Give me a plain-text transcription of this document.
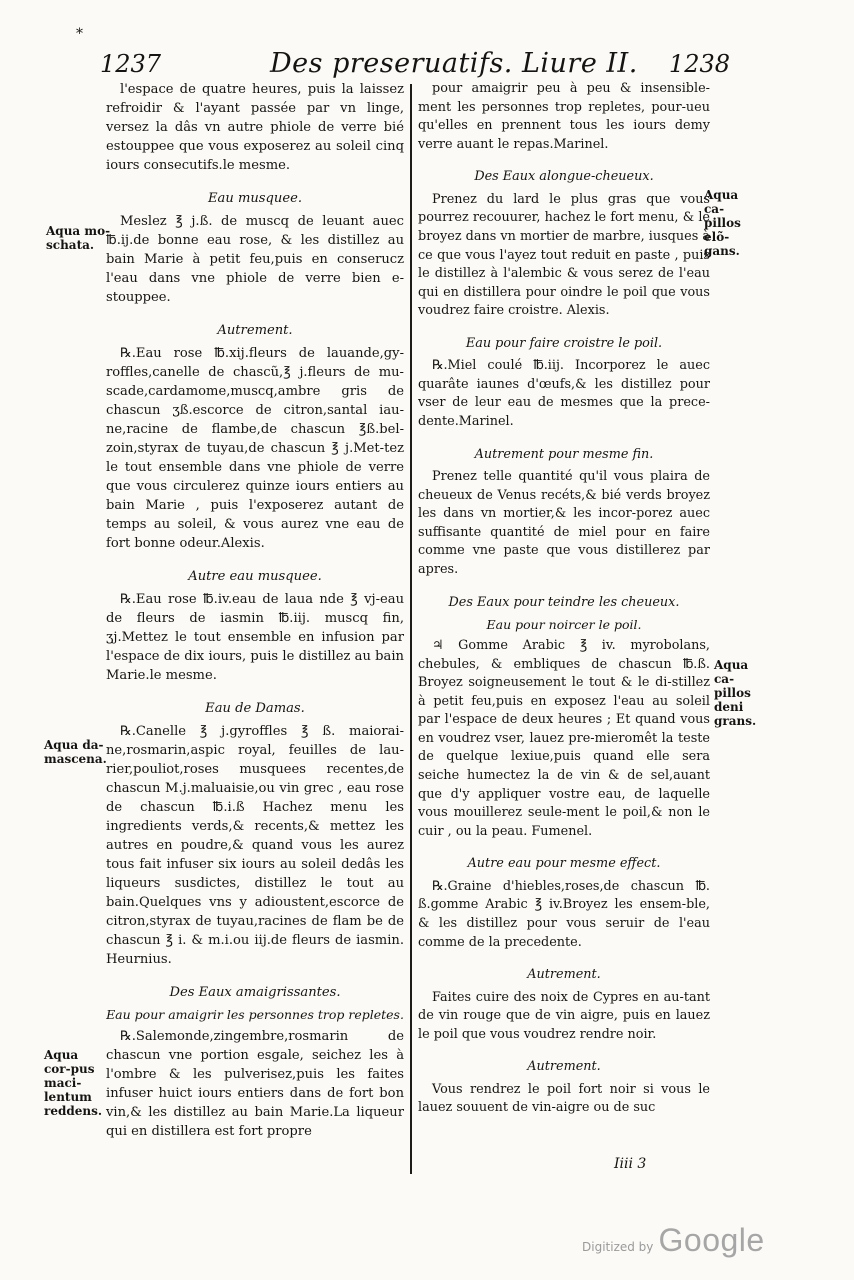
*
1237	Des preseruatifs. Liure II. 1238
l'espace de quatre heures, puis la laissez refroidir & l'ayant passée par vn linge, versez la dâs vn autre phiole de verre bié estouppee que vous exposerez au soleil cinq iours consecutifs.le mesme.
Eau musquee.
Meslez ℥ j.ß. de muscq de leuant auec ℔.ij.de bonne eau rose, & les distillez au bain Marie à petit feu,puis en conserucz l'eau dans vne phiole de verre bien e-stouppee.
Autrement.
℞.Eau rose ℔.xij.fleurs de lauande,gy-roffles,canelle de chascũ,℥ j.fleurs de mu-scade,cardamome,muscq,ambre gris de chascun ʒß.escorce de citron,santal iau-ne,racine de flambe,de chascun ℥ß.bel-zoin,styrax de tuyau,de chascun ℥ j.Met-tez le tout ensemble dans vne phiole de verre que vous circulerez quinze iours entiers au bain Marie , puis l'exposerez autant de temps au soleil, & vous aurez vne eau de fort bonne odeur.Alexis.
Autre eau musquee.
℞.Eau rose ℔.iv.eau de laua nde ℥ vj-eau de fleurs de iasmin ℔.iij. muscq fin, ʒj.Mettez le tout ensemble en infusion par l'espace de dix iours, puis le distillez au bain Marie.le mesme.
Eau de Damas.
℞.Canelle ℥ j.gyroffles ℥ ß. maiorai-ne,rosmarin,aspic royal, feuilles de lau-rier,pouliot,roses musquees recentes,de chascun M.j.maluaisie,ou vin grec , eau rose de chascun ℔.i.ß Hachez menu les ingredients verds,& recents,& mettez les autres en poudre,& quand vous les aurez tous fait infuser six iours au soleil dedâs les liqueurs susdictes, distillez le tout au bain.Quelques vns y adioustent,escorce de citron,styrax de tuyau,racines de flam be de chascun ℥ i. & m.i.ou iij.de fleurs de iasmin. Heurnius.
Des Eaux amaigrissantes.
Eau pour amaigrir les personnes trop repletes.
℞.Salemonde,zingembre,rosmarin de chascun vne portion esgale, seichez les à l'ombre & les pulverisez,puis les faites infuser huict iours entiers dans de fort bon vin,& les distillez au bain Marie.La liqueur qui en distillera est fort propre
pour amaigrir peu à peu & insensible-ment les personnes trop repletes, pour-ueu qu'elles en prennent tous les iours demy verre auant le repas.Marinel.
Des Eaux alongue-cheueux.
Prenez du lard le plus gras que vous pourrez recouurer, hachez le fort menu, & le broyez dans vn mortier de marbre, iusques à ce que vous l'ayez tout reduit en paste , puis le distillez à l'alembic & vous serez de l'eau qui en distillera pour oindre le poil que vous voudrez faire croistre. Alexis.
Eau pour faire croistre le poil.
℞.Miel coulé ℔.iij. Incorporez le auec quarâte iaunes d'œufs,& les distillez pour vser de leur eau de mesmes que la prece-dente.Marinel.
Autrement pour mesme fin.
Prenez telle quantité qu'il vous plaira de cheueux de Venus recéts,& bié verds broyez les dans vn mortier,& les incor-porez auec suffisante quantité de miel pour en faire comme vne paste que vous distillerez par apres.
Des Eaux pour teindre les cheueux.
Eau pour noircer le poil.
♃ Gomme Arabic ℥ iv. myrobolans, chebules, & embliques de chascun ℔.ß. Broyez soigneusement le tout & le di-stillez à petit feu,puis en exposez l'eau au soleil par l'espace de deux heures ; Et quand vous en voudrez vser, lauez pre-mieromêt la teste de quelque lexiue,puis quand elle sera seiche humectez la de vin & de sel,auant que d'y appliquer vostre eau, de laquelle vous mouillerez seule-ment le poil,& non le cuir , ou la peau. Fumenel.
Autre eau pour mesme effect.
℞.Graine d'hiebles,roses,de chascun ℔. ß.gomme Arabic ℥ iv.Broyez les ensem-ble, & les distillez pour vous seruir de l'eau comme de la precedente.
Autrement.
Faites cuire des noix de Cypres en au-tant de vin rouge que de vin aigre, puis en lauez le poil que vous voudrez rendre noir.
Autrement.
Vous rendrez le poil fort noir si vous le lauez souuent de vin-aigre ou de suc
Aqua mo-schata.
Aqua da-mascena.
Aqua cor-pus maci-lentum reddens.
Aqua ca-pillos elõ-gans.
Aqua ca-pillos deni grans.
Iiii 3
Digitized by Google
